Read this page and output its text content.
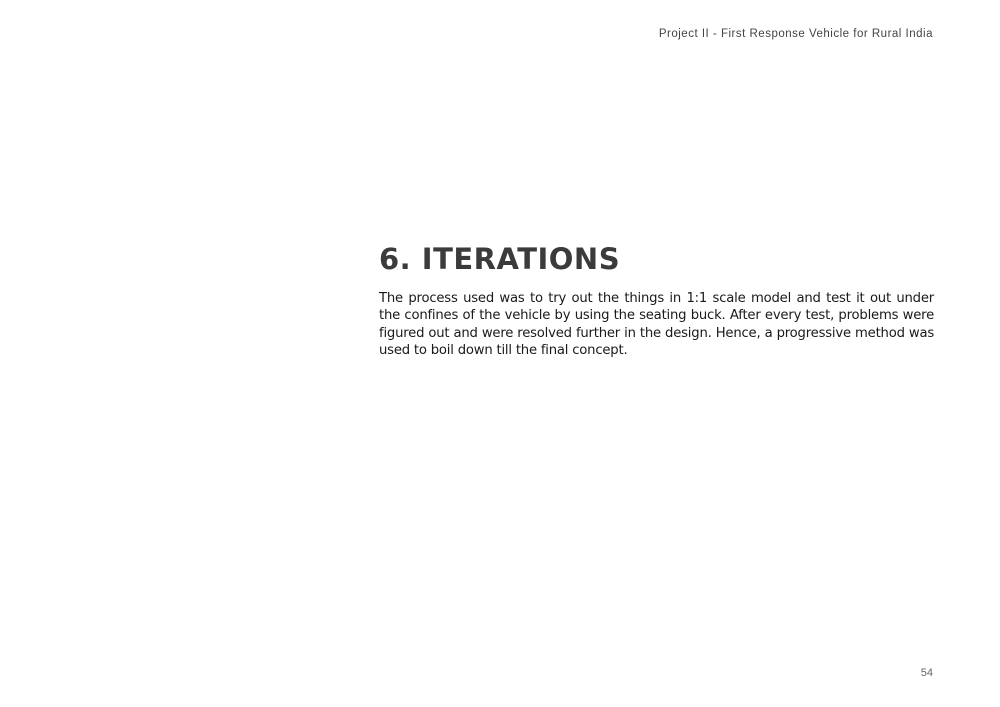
Project II - First Response Vehicle for Rural India
6. ITERATIONS

The process used was to try out the things in 1:1 scale model and test it out under the confines of the vehicle by using the seating buck. After every test, problems were figured out and were resolved further in the design. Hence, a progressive method was used to boil down till the final concept.

54
